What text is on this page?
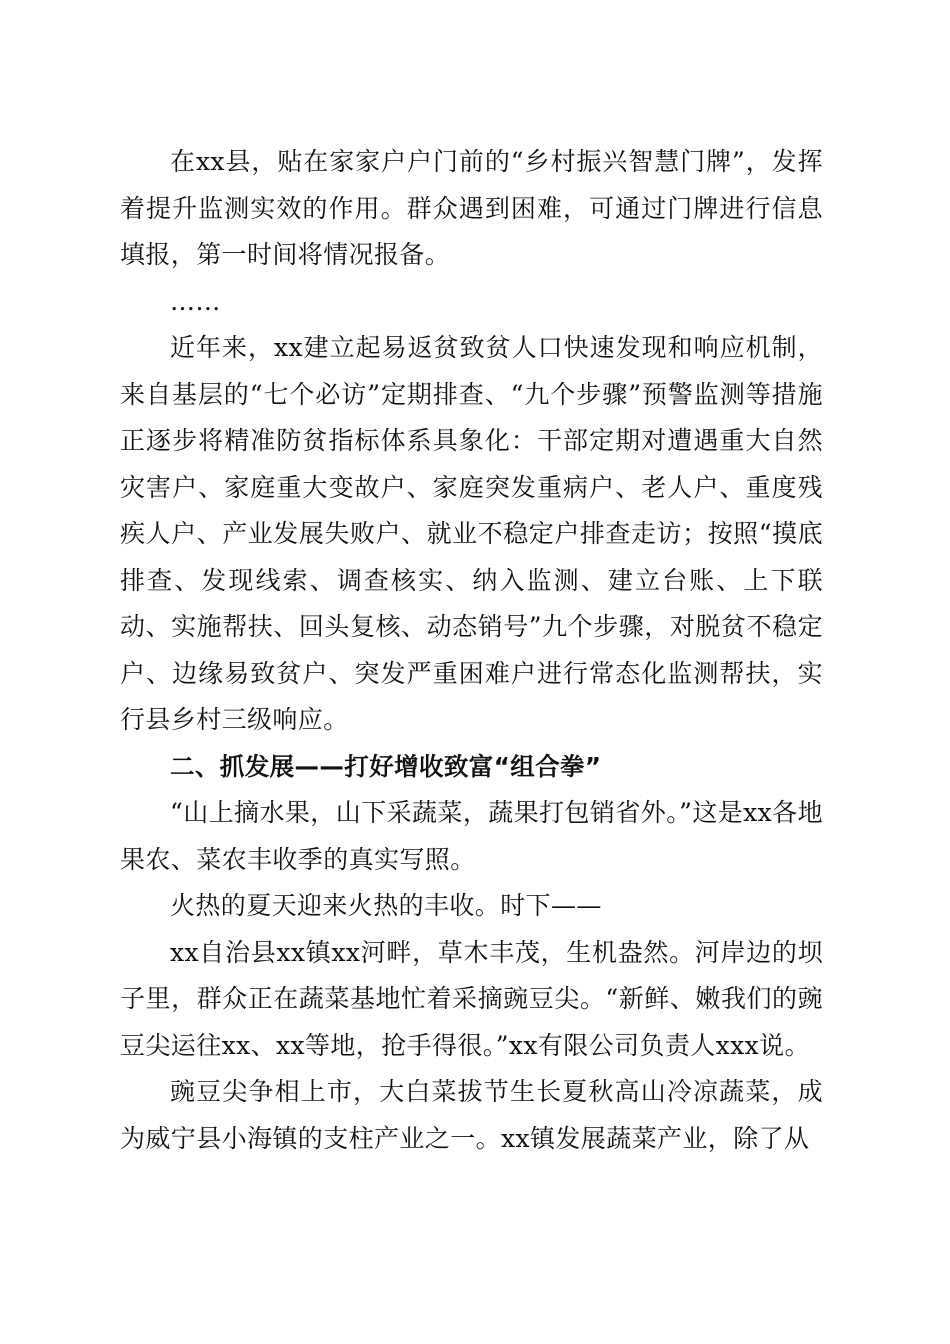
在xx县，贴在家家户户门前的“乡村振兴智慧门牌”，发挥着提升监测实效的作用。群众遇到困难，可通过门牌进行信息填报，第一时间将情况报备。

……

近年来，xx建立起易返贫致贫人口快速发现和响应机制，来自基层的“七个必访”定期排查、“九个步骤”预警监测等措施正逐步将精准防贫指标体系具象化：干部定期对遭遇重大自然灾害户、家庭重大变故户、家庭突发重病户、老人户、重度残疾人户、产业发展失败户、就业不稳定户排查走访；按照“摸底排查、发现线索、调查核实、纳入监测、建立台账、上下联动、实施帮扶、回头复核、动态销号”九个步骤，对脱贫不稳定户、边缘易致贫户、突发严重困难户进行常态化监测帮扶，实行县乡村三级响应。

二、抓发展——打好增收致富“组合拳”

“山上摘水果，山下采蔬菜，蔬果打包销省外。”这是xx各地果农、菜农丰收季的真实写照。

火热的夏天迎来火热的丰收。时下——

xx自治县xx镇xx河畔，草木丰茂，生机盎然。河岸边的坝子里，群众正在蔬菜基地忙着采摘豌豆尖。“新鲜、嫩我们的豌豆尖运往xx、xx等地，抢手得很。”xx有限公司负责人xxx说。

豌豆尖争相上市，大白菜拔节生长夏秋高山冷凉蔬菜，成为威宁县小海镇的支柱产业之一。xx镇发展蔬菜产业，除了从
